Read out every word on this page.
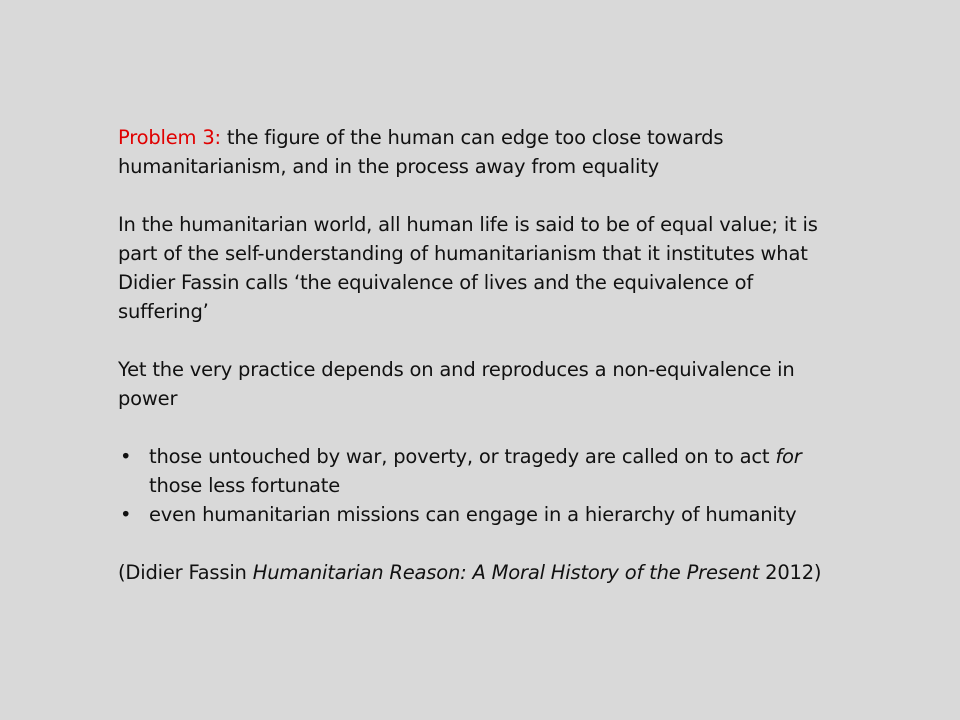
Problem 3: the figure of the human can edge too close towards humanitarianism, and in the process away from equality

In the humanitarian world, all human life is said to be of equal value; it is part of the self-understanding of humanitarianism that it institutes what Didier Fassin calls ‘the equivalence of lives and the equivalence of suffering’

Yet the very practice depends on and reproduces a non-equivalence in power

• those untouched by war, poverty, or tragedy are called on to act for those less fortunate
• even humanitarian missions can engage in a hierarchy of humanity

(Didier Fassin Humanitarian Reason: A Moral History of the Present 2012)
